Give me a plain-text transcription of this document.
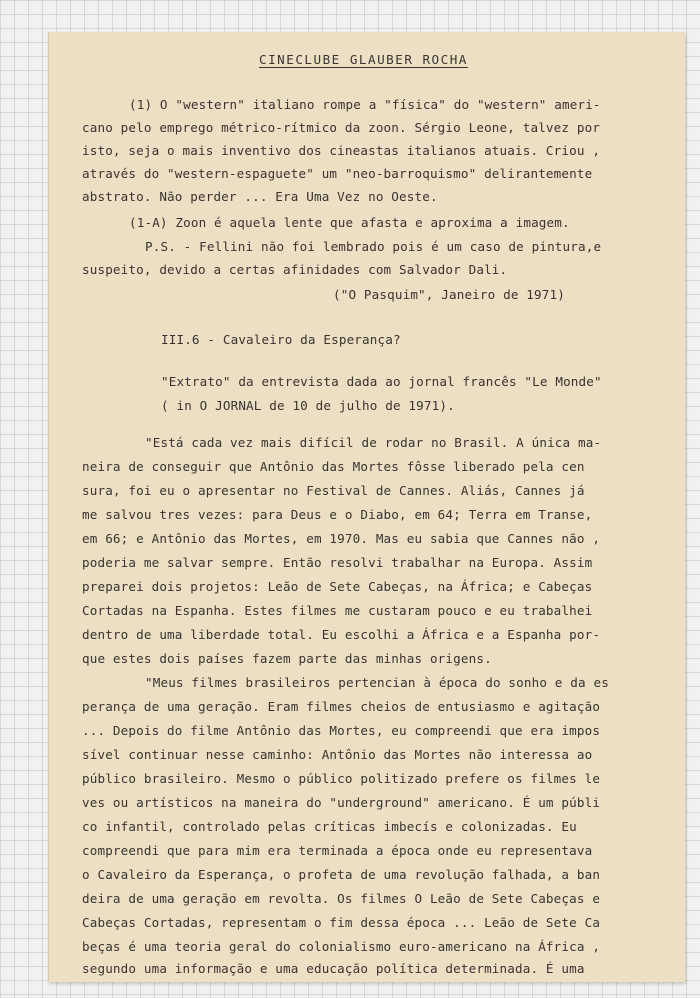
CINECLUBE GLAUBER ROCHA
(1) O "western" italiano rompe a "física" do "western" ameri-
cano pelo emprego métrico-rítmico da zoon. Sérgio Leone, talvez por
isto, seja o mais inventivo dos cineastas italianos atuais. Criou ,
através do "western-espaguete" um "neo-barroquismo" delirantemente
abstrato. Não perder ... Era Uma Vez no Oeste.
(1-A) Zoon é aquela lente que afasta e aproxima a imagem.
P.S. - Fellini não foi lembrado pois é um caso de pintura,e
suspeito, devido a certas afinidades com Salvador Dali.
("O Pasquim", Janeiro de 1971)
III.6 - Cavaleiro da Esperança?
"Extrato" da entrevista dada ao jornal francês "Le Monde"
( in O JORNAL de 10 de julho de 1971).
"Está cada vez mais difícil de rodar no Brasil. A única ma-
neira de conseguir que Antônio das Mortes fôsse liberado pela cen
sura, foi eu o apresentar no Festival de Cannes. Aliás, Cannes já
me salvou tres vezes: para Deus e o Diabo, em 64; Terra em Transe,
em 66; e Antônio das Mortes, em 1970. Mas eu sabia que Cannes não ,
poderia me salvar sempre. Então resolvi trabalhar na Europa. Assim
preparei dois projetos: Leão de Sete Cabeças, na África; e Cabeças
Cortadas na Espanha. Estes filmes me custaram pouco e eu trabalhei
dentro de uma liberdade total. Eu escolhi a África e a Espanha por-
que estes dois países fazem parte das minhas origens.
"Meus filmes brasileiros pertencian à época do sonho e da es
perança de uma geração. Eram filmes cheios de entusiasmo e agitação
... Depois do filme Antônio das Mortes, eu compreendi que era impos
sível continuar nesse caminho: Antônio das Mortes não interessa ao
público brasileiro. Mesmo o público politizado prefere os filmes le
ves ou artísticos na maneira do "underground" americano. É um públi
co infantil, controlado pelas críticas imbecís e colonizadas. Eu
compreendi que para mim era terminada a época onde eu representava
o Cavaleiro da Esperança, o profeta de uma revolução falhada, a ban
deira de uma geração em revolta. Os filmes O Leão de Sete Cabeças e
Cabeças Cortadas, representam o fim dessa época ... Leão de Sete Ca
beças é uma teoria geral do colonialismo euro-americano na África ,
segundo uma informação e uma educação política determinada. É uma
